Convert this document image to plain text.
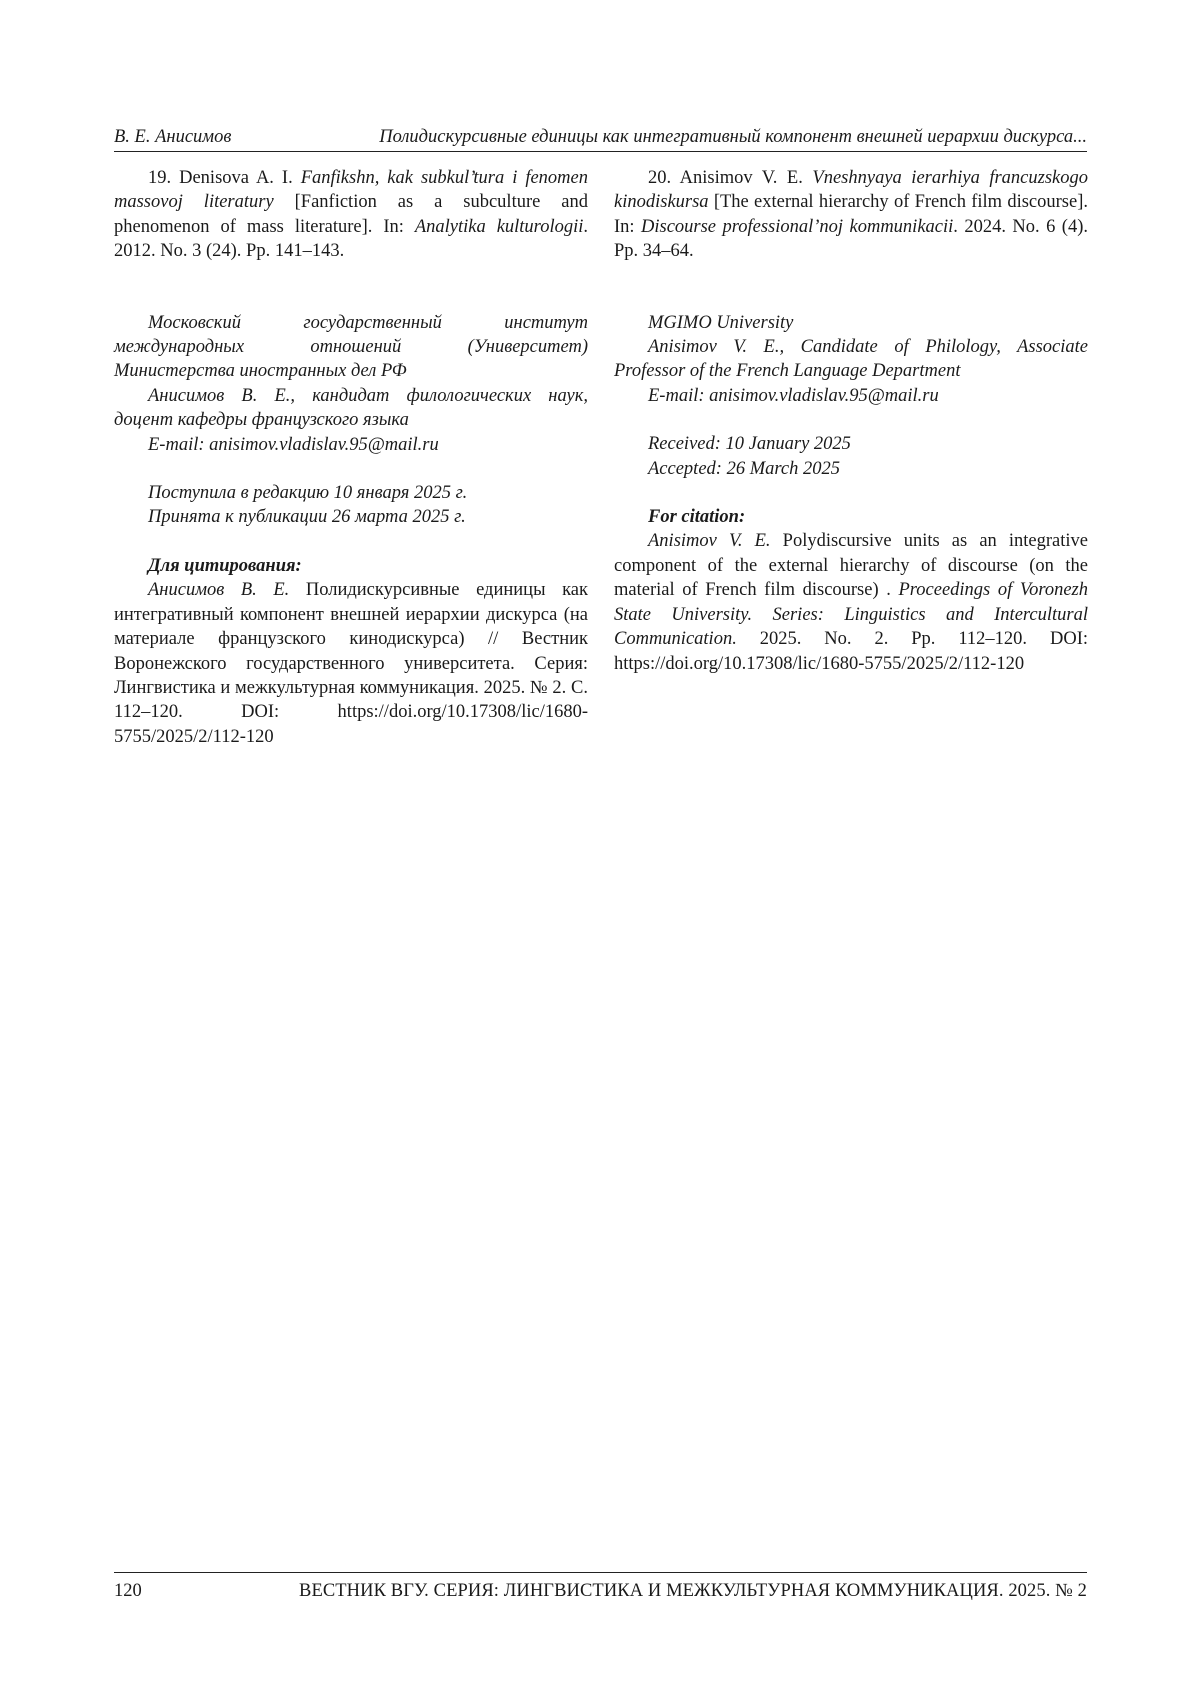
В. Е. Анисимов	Полидискурсивные единицы как интегративный компонент внешней иерархии дискурса...

19. Denisova A. I. Fanfikshn, kak subkul’tura i fenomen massovoj literatury [Fanfiction as a subculture and phenomenon of mass literature]. In: Analytika kulturologii. 2012. No. 3 (24). Pp. 141–143.

Московский государственный институт международных отношений (Университет) Министерства иностранных дел РФ

Анисимов В. Е., кандидат филологических наук, доцент кафедры французского языка

E-mail: anisimov.vladislav.95@mail.ru

Поступила в редакцию 10 января 2025 г.

Принята к публикации 26 марта 2025 г.

Для цитирования:

Анисимов В. Е. Полидискурсивные единицы как интегративный компонент внешней иерархии дискурса (на материале французского кинодискурса) // Вестник Воронежского государственного университета. Серия: Лингвистика и межкультурная коммуникация. 2025. № 2. С. 112–120. DOI: https://doi.org/10.17308/lic/1680-5755/2025/2/112-120

20. Anisimov V. E. Vneshnyaya ierarhiya francuzskogo kinodiskursa [The external hierarchy of French film discourse]. In: Discourse professional’noj kommunikacii. 2024. No. 6 (4). Pp. 34–64.

MGIMO University

Anisimov V. E., Candidate of Philology, Associate Professor of the French Language Department

E-mail: anisimov.vladislav.95@mail.ru

Received: 10 January 2025

Accepted: 26 March 2025

For citation:

Anisimov V. E. Polydiscursive units as an integrative component of the external hierarchy of discourse (on the material of French film discourse) . Proceedings of Voronezh State University. Series: Linguistics and Intercultural Communication. 2025. No. 2. Pp. 112–120. DOI: https://doi.org/10.17308/lic/1680-5755/2025/2/112-120

120	ВЕСТНИК ВГУ. СЕРИЯ: ЛИНГВИСТИКА И МЕЖКУЛЬТУРНАЯ КОММУНИКАЦИЯ. 2025. № 2
